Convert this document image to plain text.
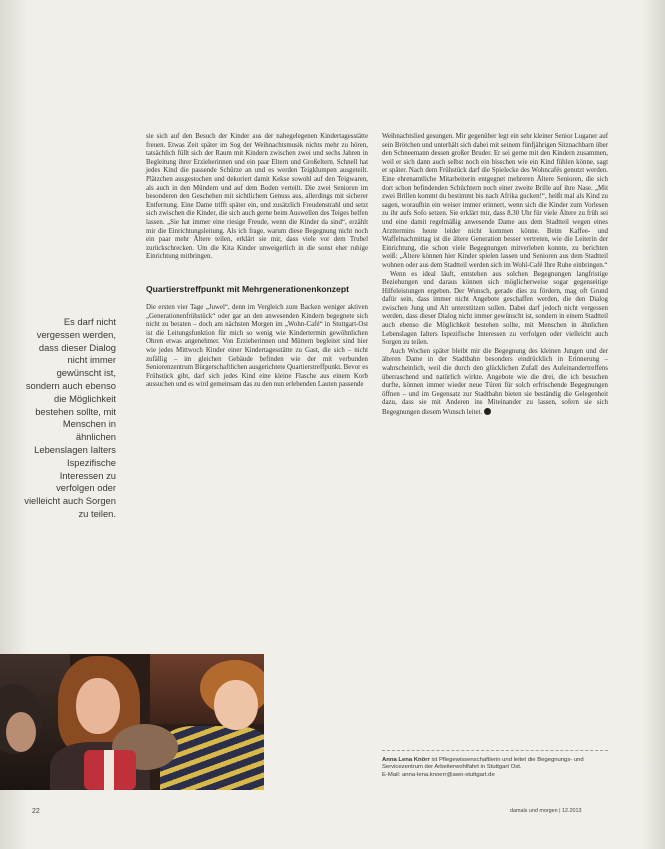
Es darf nicht vergessen werden, dass dieser Dialog nicht immer gewünscht ist, sondern auch ebenso die Möglichkeit bestehen sollte, mit Menschen in ähnlichen Lebenslagen Ialters Ispezifische Interessen zu verfolgen oder vielleicht auch Sorgen zu teilen.

sie sich auf den Besuch der Kinder aus der nahegelegenen Kindertagesstätte freuen. Etwas Zeit später im Sog der Weihnachtsmusik nichts mehr zu hören, tatsächlich füllt sich der Raum mit Kindern zwischen zwei und sechs Jahren in Begleitung ihrer Erzieherinnen und ein paar Eltern und Großeltern. Schnell hat jedes Kind die passende Schürze an und es werden Teigklumpen ausgeteilt. Plätzchen ausgestochen und dekoriert damit Kekse sowohl auf den Teigwaren, als auch in den Mündern und auf dem Boden verteilt. Die zwei Senioren im besonderen den Geschehen mit sichtlichem Genuss aus, allerdings mit sicherer Entfernung. Eine Dame trifft später ein, und zusätzlich Freudenstrahl und setzt sich zwischen die Kinder, die sich auch gerne beim Auswellen des Teiges helfen lassen. „Sie hat immer eine riesige Freude, wenn die Kinder da sind“, erzählt mir die Einrichtungsleitung. Als ich frage, warum diese Begegnung nicht noch ein paar mehr Ältere teilen, erklärt sie mir, dass viele vor dem Trubel zurückschrecken. Um die Kita Kinder unweigerlich in die sonst eher ruhige Einrichtung mitbringen.

Quartierstreffpunkt mit Mehrgenerationenkonzept

Die ersten vier Tage „Juwel“, denn im Vergleich zum Backen weniger aktiven „Generationenfrühstück“ oder gar an den anwesenden Kindern begegnete sich nicht zu beraten – doch am nächsten Morgen im „Wohn-Café“ in Stuttgart-Ost ist die Leitungsfunktion für mich so wenig wie Kindertermin gewöhnlichen Ohren etwas angenehmer. Von Erzieherinnen und Müttern begleitet sind hier wie jedes Mittwoch Kinder einer Kindertagesstätte zu Gast, die sich – nicht zufällig – im gleichen Gebäude befinden wie der mit verbunden Seniorenzentrum Bürgerschaftlichen ausgerichtete Quartierstreffpunkt. Bevor es Frühstück gibt, darf sich jedes Kind eine kleine Flasche aus einem Korb aussuchen und es wird gemeinsam das zu den nun erlebenden Lauten passende

Weihnachtslied gesungen. Mir gegenüber legt ein sehr kleiner Senior Luganer auf sein Brötchen und unterhält sich dabei mit seinem fünfjährigen Sitznachbarn über den Schneemann dessen großer Bruder. Er sei gerne mit den Kindern zusammen, weil er sich dann auch selbst noch ein bisschen wie ein Kind fühlen könne, sagt er später. Nach dem Frühstück darf die Spielecke des Wohncafés genutzt werden. Eine ehrenamtliche Mitarbeiterin entgegnet mehreren Ältere Senioren, die sich dort schon befindenden Schüchtern noch einer zweite Brille auf ihre Nase. „Mit zwei Brillen kommt du bestimmt bis nach Afrika gucken!“, heißt mal als Kind zu sagen, woraufhin ein weiser immer erinnert, wenn sich die Kinder zum Vorlesen zu ihr aufs Sofo setzen. Sie erklärt mir, dass 8.30 Uhr für viele Ältere zu früh sei und eine damit regelmäßig anwesende Dame aus dem Stadtteil wegen eines Arzttermins heute leider nicht kommen könne. Beim Kaffee- und Waffelnachmittag ist die ältere Generation besser vertreten, wie die Leiterin der Einrichtung, die schon viele Begegnungen mitverleben konnte, zu berichten weiß: „Ältere können hier Kinder spielen lassen und Senioren aus dem Stadtteil wohnen oder aus dem Stadtteil werden sich im Wohl-Café Ihre Ruhe einbringen.“

Wenn es ideal läuft, entstehen aus solchen Begegnungen langfristige Beziehungen und daraus können sich möglicherweise sogar gegenseitige Hilfeleistungen ergeben. Der Wunsch, gerade dies zu fördern, mag oft Grund dafür sein, dass immer nicht Angebote geschaffen werden, die den Dialog zwischen Jung und Alt unterstützen sollen. Dabei darf jedoch nicht vergessen werden, dass dieser Dialog nicht immer gewünscht ist, sondern in einem Stadtteil auch ebenso die Möglichkeit bestehen sollte, mit Menschen in ähnlichen Lebenslagen Ialters Ispezifische Interessen zu verfolgen oder vielleicht auch Sorgen zu teilen.

Auch Wochen später bleibt mir die Begegnung des kleinen Jungen und der älteren Dame in der Stadtbahn besonders eindrücklich in Erinnerung – wahrscheinlich, weil die durch den glücklichen Zufall des Aufeinandertreffens überraschend und natürlich wirkte. Angebote wie die drei, die ich besuchen durfte, können immer wieder neue Türen für solch erfrischende Begegnungen öffnen – und im Gegensatz zur Stadtbahn bieten sie beständig die Gelegenheit dazu, dass sie mit Anderen ins Miteinander zu lassen, sofern sie sich Begegnungen diesem Wunsch leitet.

Anna Lena Knörr ist Pflegewissenschaftlerin und leitet die Begegnungs- und Servicezentrum der Arbeiterwohlfahrt in Stuttgart Ost.
E-Mail: anna-lena.knoerr@awo-stuttgart.de
22	damals und morgen | 12.2013
